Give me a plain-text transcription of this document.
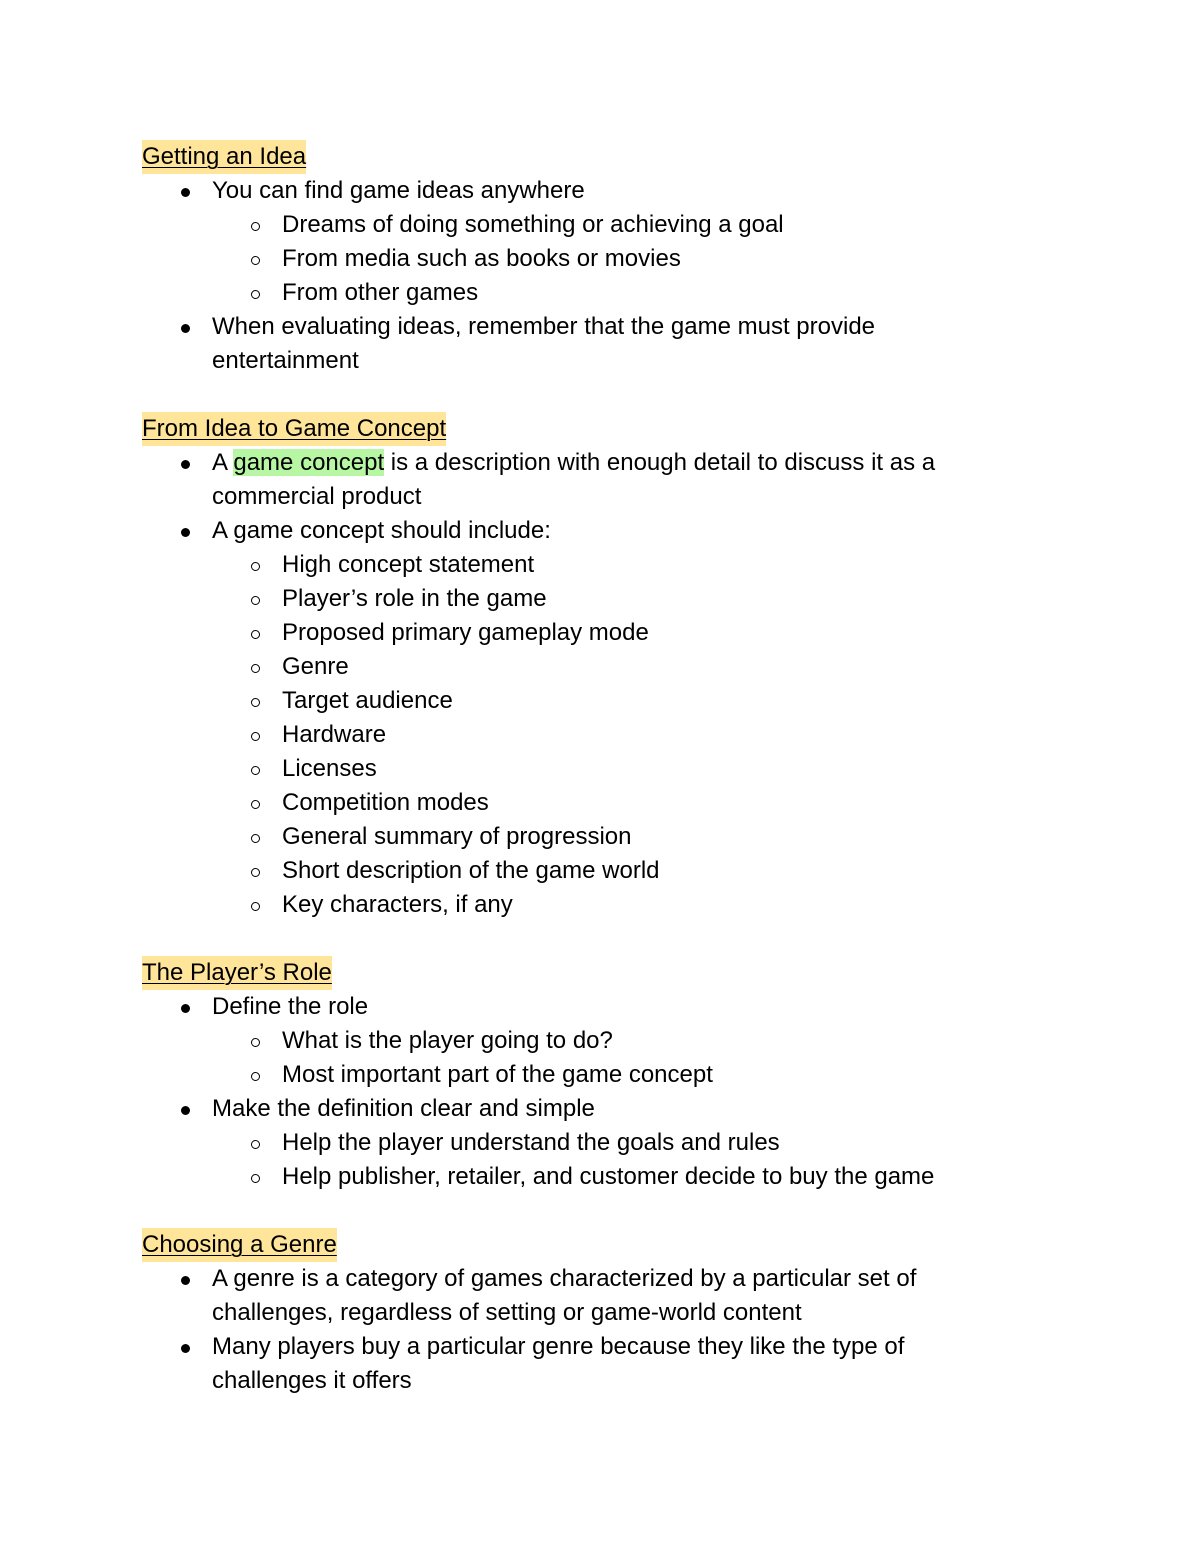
Getting an Idea
You can find game ideas anywhere
Dreams of doing something or achieving a goal
From media such as books or movies
From other games
When evaluating ideas, remember that the game must provide
entertainment
From Idea to Game Concept
A game concept is a description with enough detail to discuss it as a
commercial product
A game concept should include:
High concept statement
Player’s role in the game
Proposed primary gameplay mode
Genre
Target audience
Hardware
Licenses
Competition modes
General summary of progression
Short description of the game world
Key characters, if any
The Player’s Role
Define the role
What is the player going to do?
Most important part of the game concept
Make the definition clear and simple
Help the player understand the goals and rules
Help publisher, retailer, and customer decide to buy the game
Choosing a Genre
A genre is a category of games characterized by a particular set of
challenges, regardless of setting or game-world content
Many players buy a particular genre because they like the type of
challenges it offers
